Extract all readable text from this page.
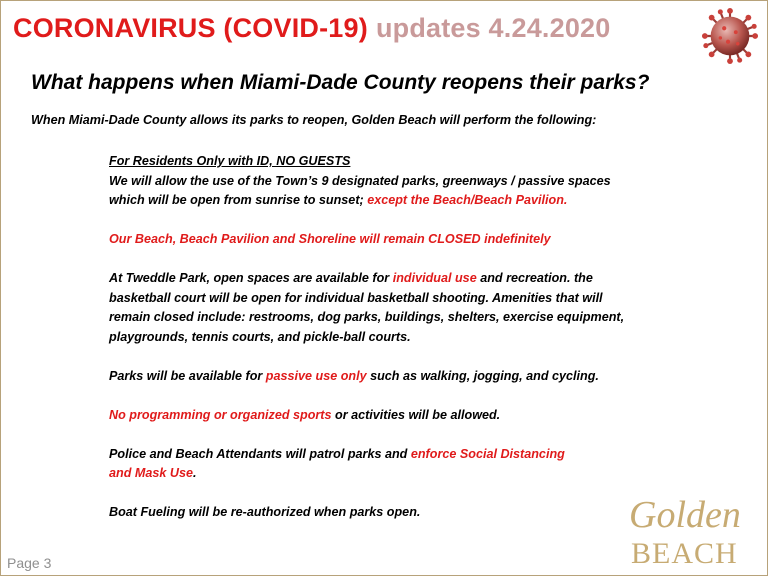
CORONAVIRUS (COVID-19) updates 4.24.2020
What happens when Miami-Dade County reopens their parks?
When Miami-Dade County allows its parks to reopen, Golden Beach will perform the following:

For Residents Only with ID, NO GUESTS
We will allow the use of the Town’s 9 designated parks, greenways / passive spaces
which will be open from sunrise to sunset; except the Beach/Beach Pavilion.

Our Beach, Beach Pavilion and Shoreline will remain CLOSED indefinitely

At Tweddle Park, open spaces are available for individual use and recreation. the
basketball court will be open for individual basketball shooting. Amenities that will
remain closed include: restrooms, dog parks, buildings, shelters, exercise equipment,
playgrounds, tennis courts, and pickle-ball courts.

Parks will be available for passive use only such as walking, jogging, and cycling.

No programming or organized sports or activities will be allowed.

Police and Beach Attendants will patrol parks and enforce Social Distancing
and Mask Use.

Boat Fueling will be re-authorized when parks open.

Page 3
Golden
BEACH
